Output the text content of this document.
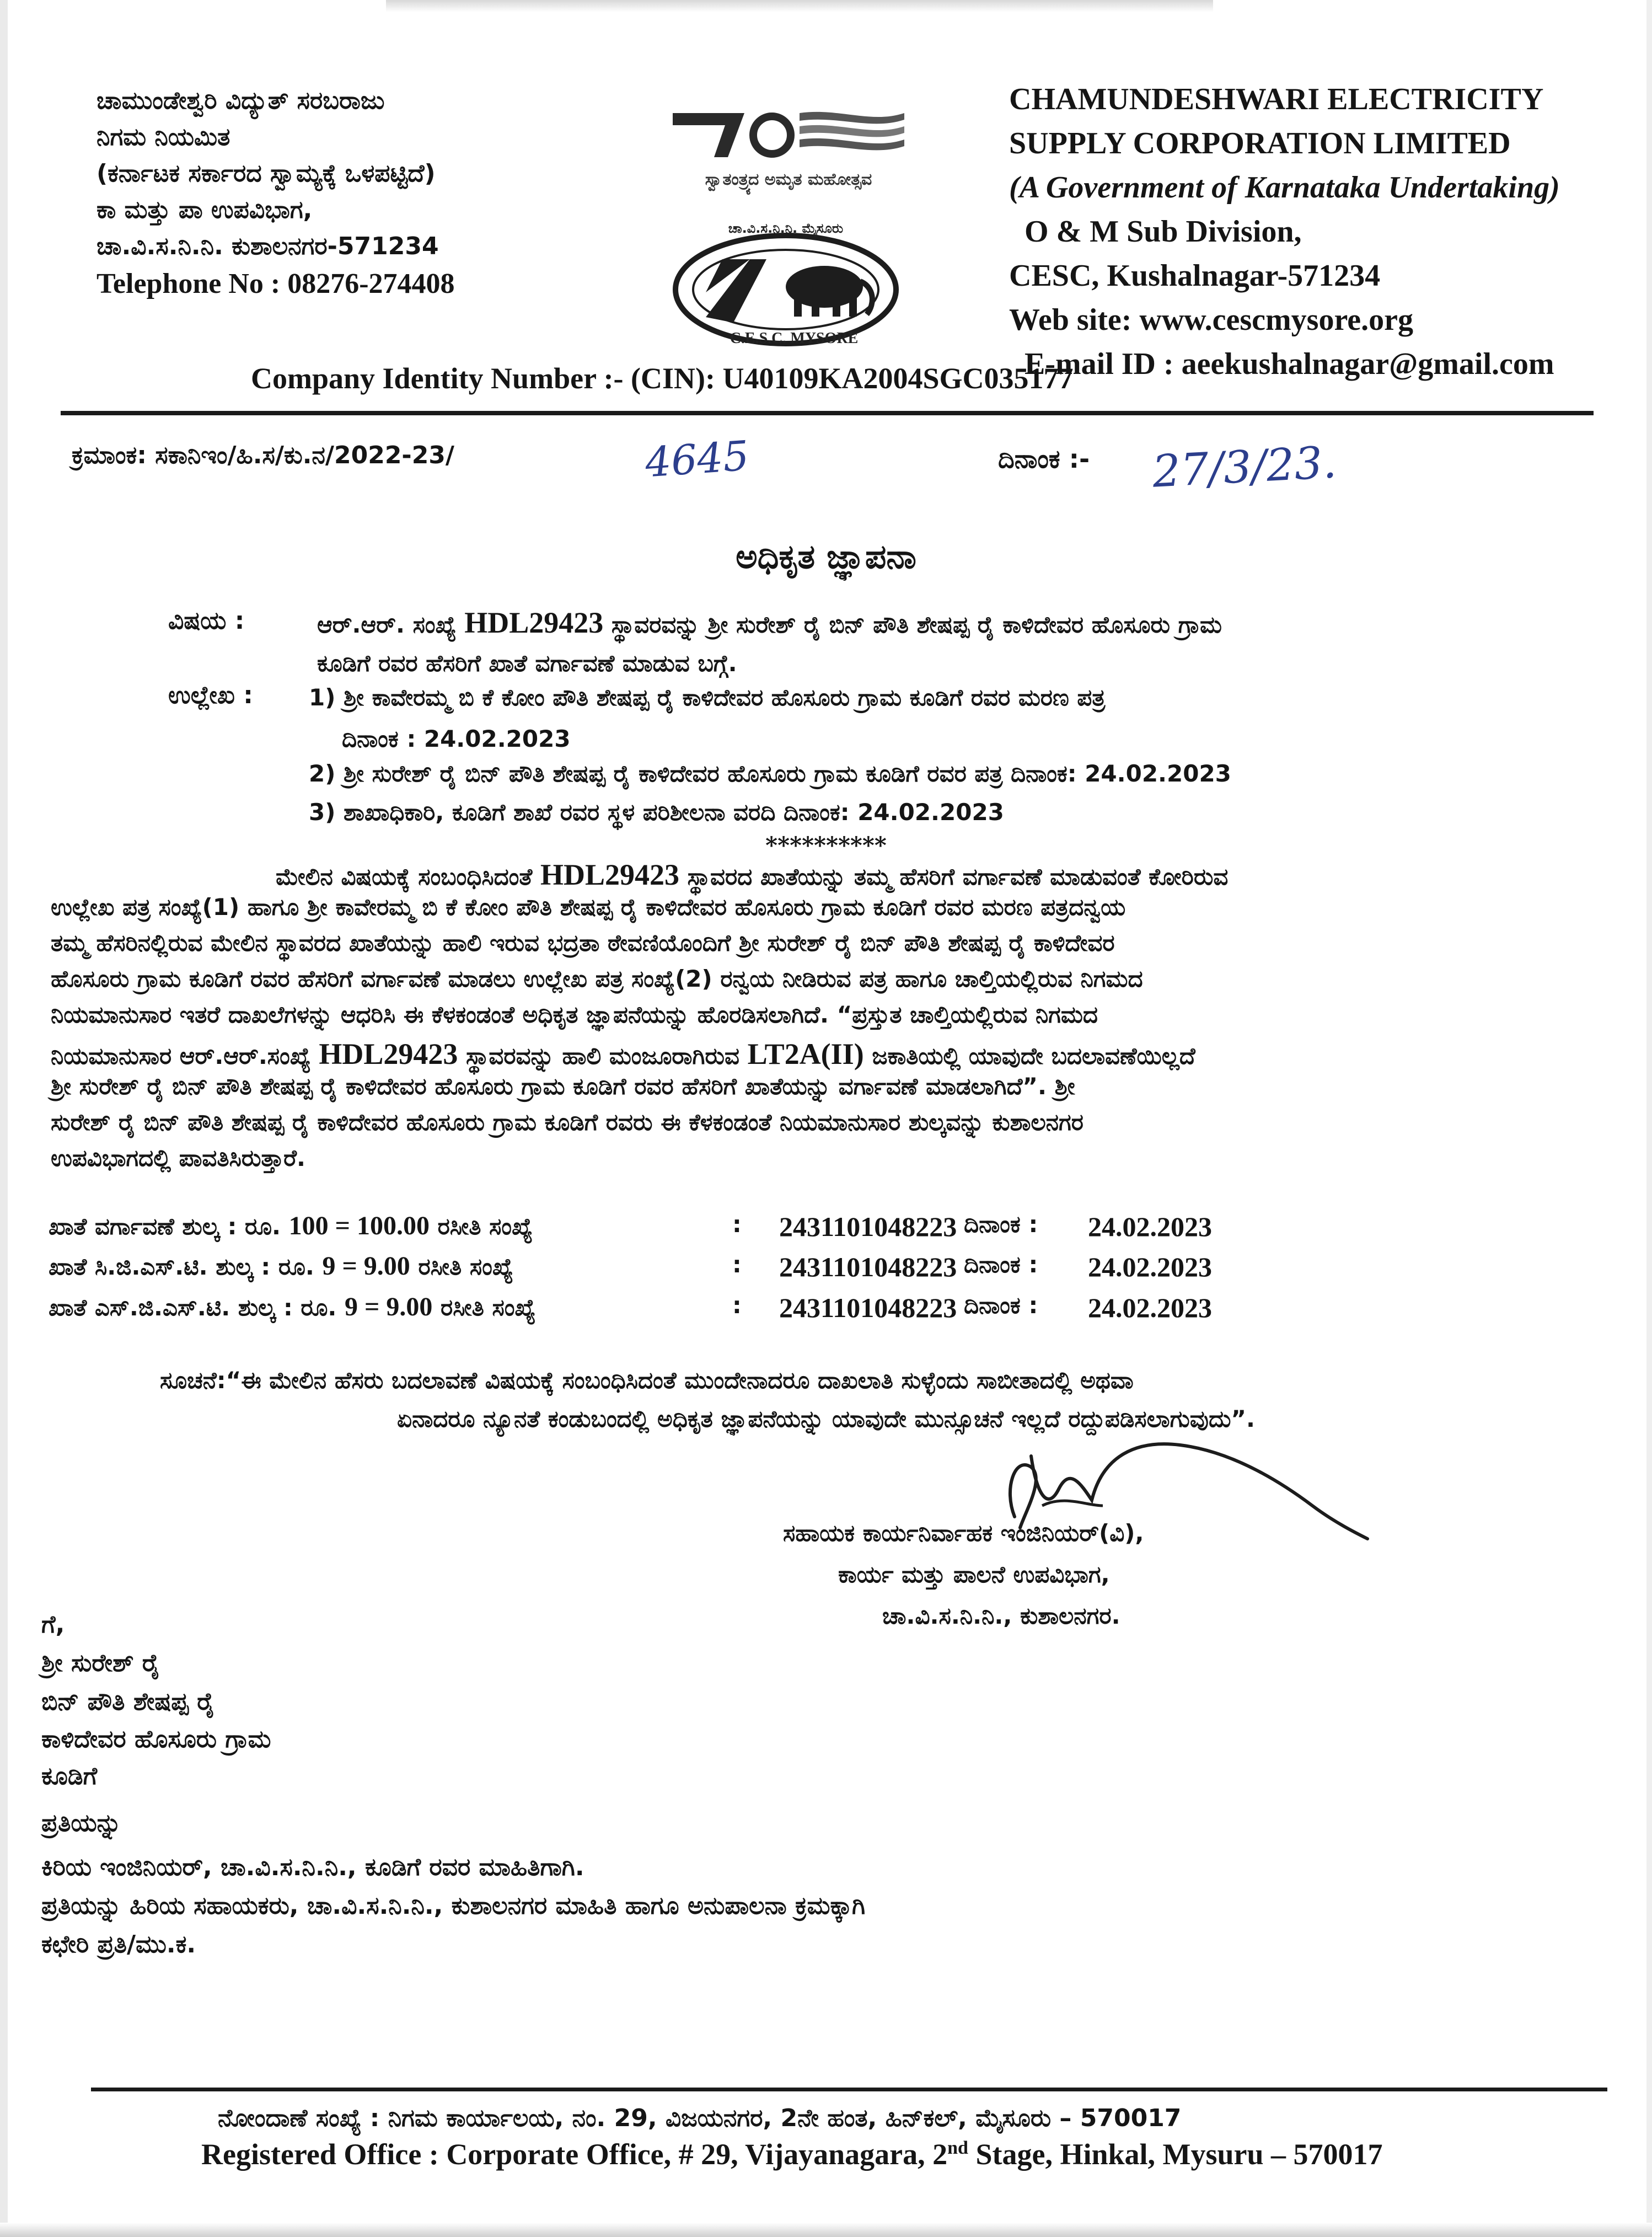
ಚಾಮುಂಡೇಶ್ವರಿ ವಿದ್ಯುತ್ ಸರಬರಾಜು
ನಿಗಮ ನಿಯಮಿತ
(ಕರ್ನಾಟಕ ಸರ್ಕಾರದ ಸ್ವಾಮ್ಯಕ್ಕೆ ಒಳಪಟ್ಟಿದೆ)
ಕಾ ಮತ್ತು ಪಾ ಉಪವಿಭಾಗ,
ಚಾ.ವಿ.ಸ.ನಿ.ನಿ. ಕುಶಾಲನಗರ-571234
Telephone No : 08276-274408
ಸ್ವಾತಂತ್ರ್ಯದ ಅಮೃತ ಮಹೋತ್ಸವ
ಚಾ.ವಿ.ಸ.ನಿ.ನಿ. ಮೈಸೂರು
C.E.S.C. MYSORE
CHAMUNDESHWARI ELECTRICITY
SUPPLY CORPORATION LIMITED
(A Government of Karnataka Undertaking)
O & M Sub Division,
CESC, Kushalnagar-571234
Web site: www.cescmysore.org
E-mail ID : aeekushalnagar@gmail.com
Company Identity Number :- (CIN): U40109KA2004SGC035177
ಕ್ರಮಾಂಕ: ಸಕಾನಿಇಂ/ಹಿ.ಸ/ಕು.ನ/2022-23/	4645	ದಿನಾಂಕ :- 27/3/23.
ಅಧಿಕೃತ ಜ್ಞಾಪನಾ
ವಿಷಯ :	ಆರ್.ಆರ್. ಸಂಖ್ಯೆ HDL29423 ಸ್ಥಾವರವನ್ನು ಶ್ರೀ ಸುರೇಶ್ ರೈ ಬಿನ್ ಪೌತಿ ಶೇಷಪ್ಪ ರೈ ಕಾಳಿದೇವರ ಹೊಸೂರು ಗ್ರಾಮ
ಕೂಡಿಗೆ ರವರ ಹೆಸರಿಗೆ ಖಾತೆ ವರ್ಗಾವಣೆ ಮಾಡುವ ಬಗ್ಗೆ.
ಉಲ್ಲೇಖ : 1) ಶ್ರೀ ಕಾವೇರಮ್ಮ ಬಿ ಕೆ ಕೋಂ ಪೌತಿ ಶೇಷಪ್ಪ ರೈ ಕಾಳಿದೇವರ ಹೊಸೂರು ಗ್ರಾಮ ಕೂಡಿಗೆ ರವರ ಮರಣ ಪತ್ರ
ದಿನಾಂಕ : 24.02.2023
2) ಶ್ರೀ ಸುರೇಶ್ ರೈ ಬಿನ್ ಪೌತಿ ಶೇಷಪ್ಪ ರೈ ಕಾಳಿದೇವರ ಹೊಸೂರು ಗ್ರಾಮ ಕೂಡಿಗೆ ರವರ ಪತ್ರ ದಿನಾಂಕ: 24.02.2023
3) ಶಾಖಾಧಿಕಾರಿ, ಕೂಡಿಗೆ ಶಾಖೆ ರವರ ಸ್ಥಳ ಪರಿಶೀಲನಾ ವರದಿ ದಿನಾಂಕ: 24.02.2023
**********
ಮೇಲಿನ ವಿಷಯಕ್ಕೆ ಸಂಬಂಧಿಸಿದಂತೆ HDL29423 ಸ್ಥಾವರದ ಖಾತೆಯನ್ನು ತಮ್ಮ ಹೆಸರಿಗೆ ವರ್ಗಾವಣೆ ಮಾಡುವಂತೆ ಕೋರಿರುವ
ಉಲ್ಲೇಖ ಪತ್ರ ಸಂಖ್ಯೆ(1) ಹಾಗೂ ಶ್ರೀ ಕಾವೇರಮ್ಮ ಬಿ ಕೆ ಕೋಂ ಪೌತಿ ಶೇಷಪ್ಪ ರೈ ಕಾಳಿದೇವರ ಹೊಸೂರು ಗ್ರಾಮ ಕೂಡಿಗೆ ರವರ ಮರಣ ಪತ್ರದನ್ವಯ
ತಮ್ಮ ಹೆಸರಿನಲ್ಲಿರುವ ಮೇಲಿನ ಸ್ಥಾವರದ ಖಾತೆಯನ್ನು ಹಾಲಿ ಇರುವ ಭದ್ರತಾ ಠೇವಣಿಯೊಂದಿಗೆ ಶ್ರೀ ಸುರೇಶ್ ರೈ ಬಿನ್ ಪೌತಿ ಶೇಷಪ್ಪ ರೈ ಕಾಳಿದೇವರ
ಹೊಸೂರು ಗ್ರಾಮ ಕೂಡಿಗೆ ರವರ ಹೆಸರಿಗೆ ವರ್ಗಾವಣೆ ಮಾಡಲು ಉಲ್ಲೇಖ ಪತ್ರ ಸಂಖ್ಯೆ(2) ರನ್ವಯ ನೀಡಿರುವ ಪತ್ರ ಹಾಗೂ ಚಾಲ್ತಿಯಲ್ಲಿರುವ ನಿಗಮದ
ನಿಯಮಾನುಸಾರ ಇತರೆ ದಾಖಲೆಗಳನ್ನು ಆಧರಿಸಿ ಈ ಕೆಳಕಂಡಂತೆ ಅಧಿಕೃತ ಜ್ಞಾಪನೆಯನ್ನು ಹೊರಡಿಸಲಾಗಿದೆ. “ಪ್ರಸ್ತುತ ಚಾಲ್ತಿಯಲ್ಲಿರುವ ನಿಗಮದ
ನಿಯಮಾನುಸಾರ ಆರ್.ಆರ್.ಸಂಖ್ಯೆ HDL29423 ಸ್ಥಾವರವನ್ನು ಹಾಲಿ ಮಂಜೂರಾಗಿರುವ LT2A(II) ಜಕಾತಿಯಲ್ಲಿ ಯಾವುದೇ ಬದಲಾವಣೆಯಿಲ್ಲದೆ
ಶ್ರೀ ಸುರೇಶ್ ರೈ ಬಿನ್ ಪೌತಿ ಶೇಷಪ್ಪ ರೈ ಕಾಳಿದೇವರ ಹೊಸೂರು ಗ್ರಾಮ ಕೂಡಿಗೆ ರವರ ಹೆಸರಿಗೆ ಖಾತೆಯನ್ನು ವರ್ಗಾವಣೆ ಮಾಡಲಾಗಿದೆ”. ಶ್ರೀ
ಸುರೇಶ್ ರೈ ಬಿನ್ ಪೌತಿ ಶೇಷಪ್ಪ ರೈ ಕಾಳಿದೇವರ ಹೊಸೂರು ಗ್ರಾಮ ಕೂಡಿಗೆ ರವರು ಈ ಕೆಳಕಂಡಂತೆ ನಿಯಮಾನುಸಾರ ಶುಲ್ಕವನ್ನು ಕುಶಾಲನಗರ
ಉಪವಿಭಾಗದಲ್ಲಿ ಪಾವತಿಸಿರುತ್ತಾರೆ.
ಖಾತೆ ವರ್ಗಾವಣೆ ಶುಲ್ಕ : ರೂ. 100 = 100.00 ರಸೀತಿ ಸಂಖ್ಯೆ	: 2431101048223 ದಿನಾಂಕ : 24.02.2023
ಖಾತೆ ಸಿ.ಜಿ.ಎಸ್.ಟಿ. ಶುಲ್ಕ : ರೂ. 9 = 9.00 ರಸೀತಿ ಸಂಖ್ಯೆ	: 2431101048223 ದಿನಾಂಕ : 24.02.2023
ಖಾತೆ ಎಸ್.ಜಿ.ಎಸ್.ಟಿ. ಶುಲ್ಕ : ರೂ. 9 = 9.00 ರಸೀತಿ ಸಂಖ್ಯೆ	: 2431101048223 ದಿನಾಂಕ : 24.02.2023
ಸೂಚನೆ:“ಈ ಮೇಲಿನ ಹೆಸರು ಬದಲಾವಣೆ ವಿಷಯಕ್ಕೆ ಸಂಬಂಧಿಸಿದಂತೆ ಮುಂದೇನಾದರೂ ದಾಖಲಾತಿ ಸುಳ್ಳೆಂದು ಸಾಬೀತಾದಲ್ಲಿ ಅಥವಾ
ಏನಾದರೂ ನ್ಯೂನತೆ ಕಂಡುಬಂದಲ್ಲಿ ಅಧಿಕೃತ ಜ್ಞಾಪನೆಯನ್ನು ಯಾವುದೇ ಮುನ್ಸೂಚನೆ ಇಲ್ಲದೆ ರದ್ದುಪಡಿಸಲಾಗುವುದು”.
ಸಹಾಯಕ ಕಾರ್ಯನಿರ್ವಾಹಕ ಇಂಜಿನಿಯರ್(ವಿ),
ಕಾರ್ಯ ಮತ್ತು ಪಾಲನೆ ಉಪವಿಭಾಗ,
ಚಾ.ವಿ.ಸ.ನಿ.ನಿ., ಕುಶಾಲನಗರ.
ಗೆ,
ಶ್ರೀ ಸುರೇಶ್ ರೈ
ಬಿನ್ ಪೌತಿ ಶೇಷಪ್ಪ ರೈ
ಕಾಳಿದೇವರ ಹೊಸೂರು ಗ್ರಾಮ
ಕೂಡಿಗೆ
ಪ್ರತಿಯನ್ನು
ಕಿರಿಯ ಇಂಜಿನಿಯರ್, ಚಾ.ವಿ.ಸ.ನಿ.ನಿ., ಕೂಡಿಗೆ ರವರ ಮಾಹಿತಿಗಾಗಿ.
ಪ್ರತಿಯನ್ನು ಹಿರಿಯ ಸಹಾಯಕರು, ಚಾ.ವಿ.ಸ.ನಿ.ನಿ., ಕುಶಾಲನಗರ ಮಾಹಿತಿ ಹಾಗೂ ಅನುಪಾಲನಾ ಕ್ರಮಕ್ಕಾಗಿ
ಕಛೇರಿ ಪ್ರತಿ/ಮು.ಕ.
ನೋಂದಾಣೆ ಸಂಖ್ಯೆ : ನಿಗಮ ಕಾರ್ಯಾಲಯ, ನಂ. 29, ವಿಜಯನಗರ, 2ನೇ ಹಂತ, ಹಿನ್‌ಕಲ್, ಮೈಸೂರು – 570017
Registered Office : Corporate Office, # 29, Vijayanagara, 2nd Stage, Hinkal, Mysuru – 570017
